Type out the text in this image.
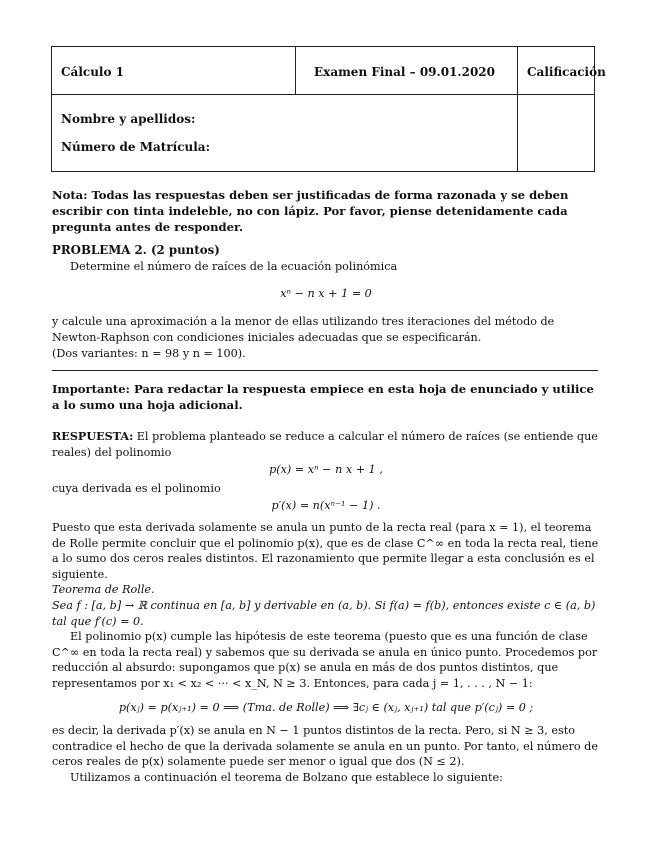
Cálculo 1	Examen Final – 09.01.2020	Calificación

Nombre y apellidos:
Número de Matrícula:		

Nota: Todas las respuestas deben ser justificadas de forma razonada y se deben escribir con tinta indeleble, no con lápiz. Por favor, piense detenidamente cada pregunta antes de responder.
PROBLEMA 2. (2 puntos)
Determine el número de raíces de la ecuación polinómica
xⁿ − n x + 1 = 0
y calcule una aproximación a la menor de ellas utilizando tres iteraciones del método de Newton-Raphson con condiciones iniciales adecuadas que se especificarán.
(Dos variantes: n = 98 y n = 100).
Importante: Para redactar la respuesta empiece en esta hoja de enunciado y utilice a lo sumo una hoja adicional.

RESPUESTA: El problema planteado se reduce a calcular el número de raíces (se entiende que reales) del polinomio

p(x) = xⁿ − n x + 1 ,

cuya derivada es el polinomio

p′(x) = n(xⁿ⁻¹ − 1) .

Puesto que esta derivada solamente se anula un punto de la recta real (para x = 1), el teorema de Rolle permite concluir que el polinomio p(x), que es de clase C^∞ en toda la recta real, tiene a lo sumo dos ceros reales distintos. El razonamiento que permite llegar a esta conclusión es el siguiente.

Teorema de Rolle.

Sea f : [a, b] → ℝ continua en [a, b] y derivable en (a, b). Si f(a) = f(b), entonces existe c ∈ (a, b) tal que f′(c) = 0.

El polinomio p(x) cumple las hipótesis de este teorema (puesto que es una función de clase C^∞ en toda la recta real) y sabemos que su derivada se anula en único punto. Procedemos por reducción al absurdo: supongamos que p(x) se anula en más de dos puntos distintos, que representamos por x₁ < x₂ < ··· < x_N, N ≥ 3. Entonces, para cada j = 1, . . . , N − 1:

p(xⱼ) = p(xⱼ₊₁) = 0 ⟹ (Tma. de Rolle) ⟹ ∃cⱼ ∈ (xⱼ, xⱼ₊₁) tal que p′(cⱼ) = 0 ;

es decir, la derivada p′(x) se anula en N − 1 puntos distintos de la recta. Pero, si N ≥ 3, esto contradice el hecho de que la derivada solamente se anula en un punto. Por tanto, el número de ceros reales de p(x) solamente puede ser menor o igual que dos (N ≤ 2).

Utilizamos a continuación el teorema de Bolzano que establece lo siguiente:
